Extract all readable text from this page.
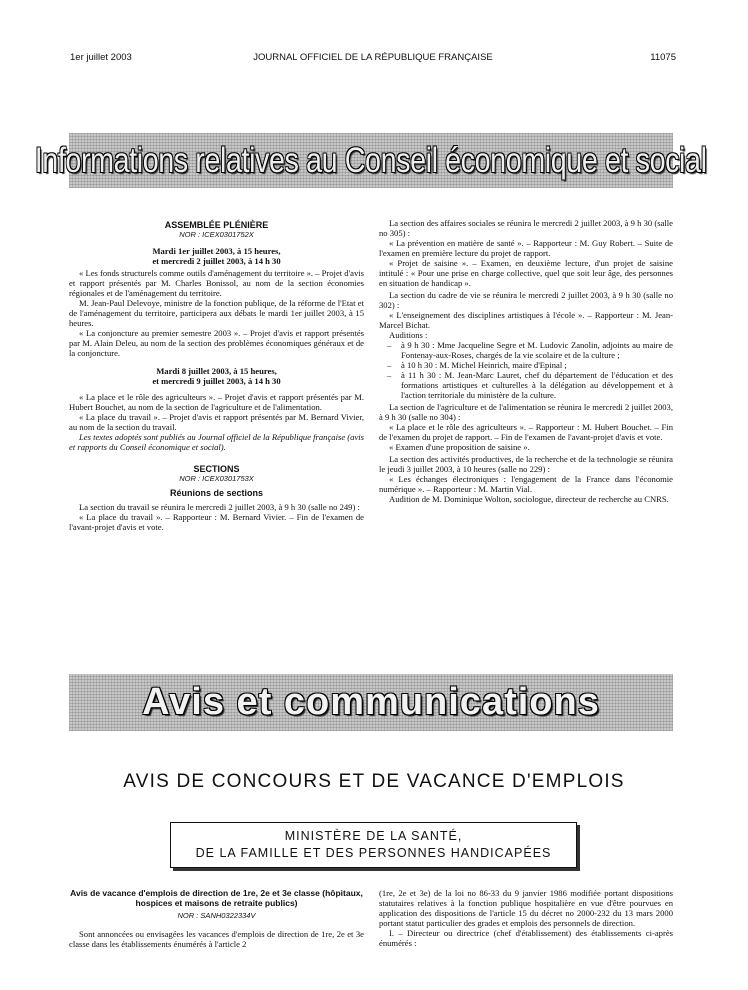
1er juillet 2003	JOURNAL OFFICIEL DE LA RÉPUBLIQUE FRANÇAISE	11075
Informations relatives au Conseil économique et social
ASSEMBLÉE PLÉNIÈRE
NOR : ICEX0301752X

Mardi 1er juillet 2003, à 15 heures,

et mercredi 2 juillet 2003, à 14 h 30

« Les fonds structurels comme outils d'aménagement du territoire ». – Projet d'avis et rapport présentés par M. Charles Bonissol, au nom de la section économies régionales et de l'aménagement du territoire.

M. Jean-Paul Delevoye, ministre de la fonction publique, de la réforme de l'Etat et de l'aménagement du territoire, participera aux débats le mardi 1er juillet 2003, à 15 heures.

« La conjoncture au premier semestre 2003 ». – Projet d'avis et rapport présentés par M. Alain Deleu, au nom de la section des problèmes économiques généraux et de la conjoncture.

Mardi 8 juillet 2003, à 15 heures,

et mercredi 9 juillet 2003, à 14 h 30

« La place et le rôle des agriculteurs ». – Projet d'avis et rapport présentés par M. Hubert Bouchet, au nom de la section de l'agriculture et de l'alimentation.

« La place du travail ». – Projet d'avis et rapport présentés par M. Bernard Vivier, au nom de la section du travail.

Les textes adoptés sont publiés au Journal officiel de la République française (avis et rapports du Conseil économique et social).

SECTIONS
NOR : ICEX0301753X
Réunions de sections

La section du travail se réunira le mercredi 2 juillet 2003, à 9 h 30 (salle no 249) :

« La place du travail ». – Rapporteur : M. Bernard Vivier. – Fin de l'examen de l'avant-projet d'avis et vote.

La section des affaires sociales se réunira le mercredi 2 juillet 2003, à 9 h 30 (salle no 305) :

« La prévention en matière de santé ». – Rapporteur : M. Guy Robert. – Suite de l'examen en première lecture du projet de rapport.

« Projet de saisine ». – Examen, en deuxième lecture, d'un projet de saisine intitulé : « Pour une prise en charge collective, quel que soit leur âge, des personnes en situation de handicap ».

La section du cadre de vie se réunira le mercredi 2 juillet 2003, à 9 h 30 (salle no 302) :

« L'enseignement des disciplines artistiques à l'école ». – Rapporteur : M. Jean-Marcel Bichat.

Auditions :

– à 9 h 30 : Mme Jacqueline Segre et M. Ludovic Zanolin, adjoints au maire de Fontenay-aux-Roses, chargés de la vie scolaire et de la culture ;

– à 10 h 30 : M. Michel Heinrich, maire d'Epinal ;

– à 11 h 30 : M. Jean-Marc Lauret, chef du département de l'éducation et des formations artistiques et culturelles à la délégation au développement et à l'action territoriale du ministère de la culture.

La section de l'agriculture et de l'alimentation se réunira le mercredi 2 juillet 2003, à 9 h 30 (salle no 304) :

« La place et le rôle des agriculteurs ». – Rapporteur : M. Hubert Bouchet. – Fin de l'examen du projet de rapport. – Fin de l'examen de l'avant-projet d'avis et vote.

« Examen d'une proposition de saisine ».

La section des activités productives, de la recherche et de la technologie se réunira le jeudi 3 juillet 2003, à 10 heures (salle no 229) :

« Les échanges électroniques : l'engagement de la France dans l'économie numérique ». – Rapporteur : M. Martin Vial.

Audition de M. Dominique Wolton, sociologue, directeur de recherche au CNRS.

Avis et communications
AVIS DE CONCOURS ET DE VACANCE D'EMPLOIS
MINISTÈRE DE LA SANTÉ,
DE LA FAMILLE ET DES PERSONNES HANDICAPÉES
Avis de vacance d'emplois de direction de 1re, 2e et 3e classe (hôpitaux, hospices et maisons de retraite publics)
NOR : SANH0322334V

Sont annoncées ou envisagées les vacances d'emplois de direction de 1re, 2e et 3e classe dans les établissements énumérés à l'article 2

(1re, 2e et 3e) de la loi no 86-33 du 9 janvier 1986 modifiée portant dispositions statutaires relatives à la fonction publique hospitalière en vue d'être pourvues en application des dispositions de l'article 15 du décret no 2000-232 du 13 mars 2000 portant statut particulier des grades et emplois des personnels de direction.

I. – Directeur ou directrice (chef d'établissement) des établissements ci-après énumérés :
